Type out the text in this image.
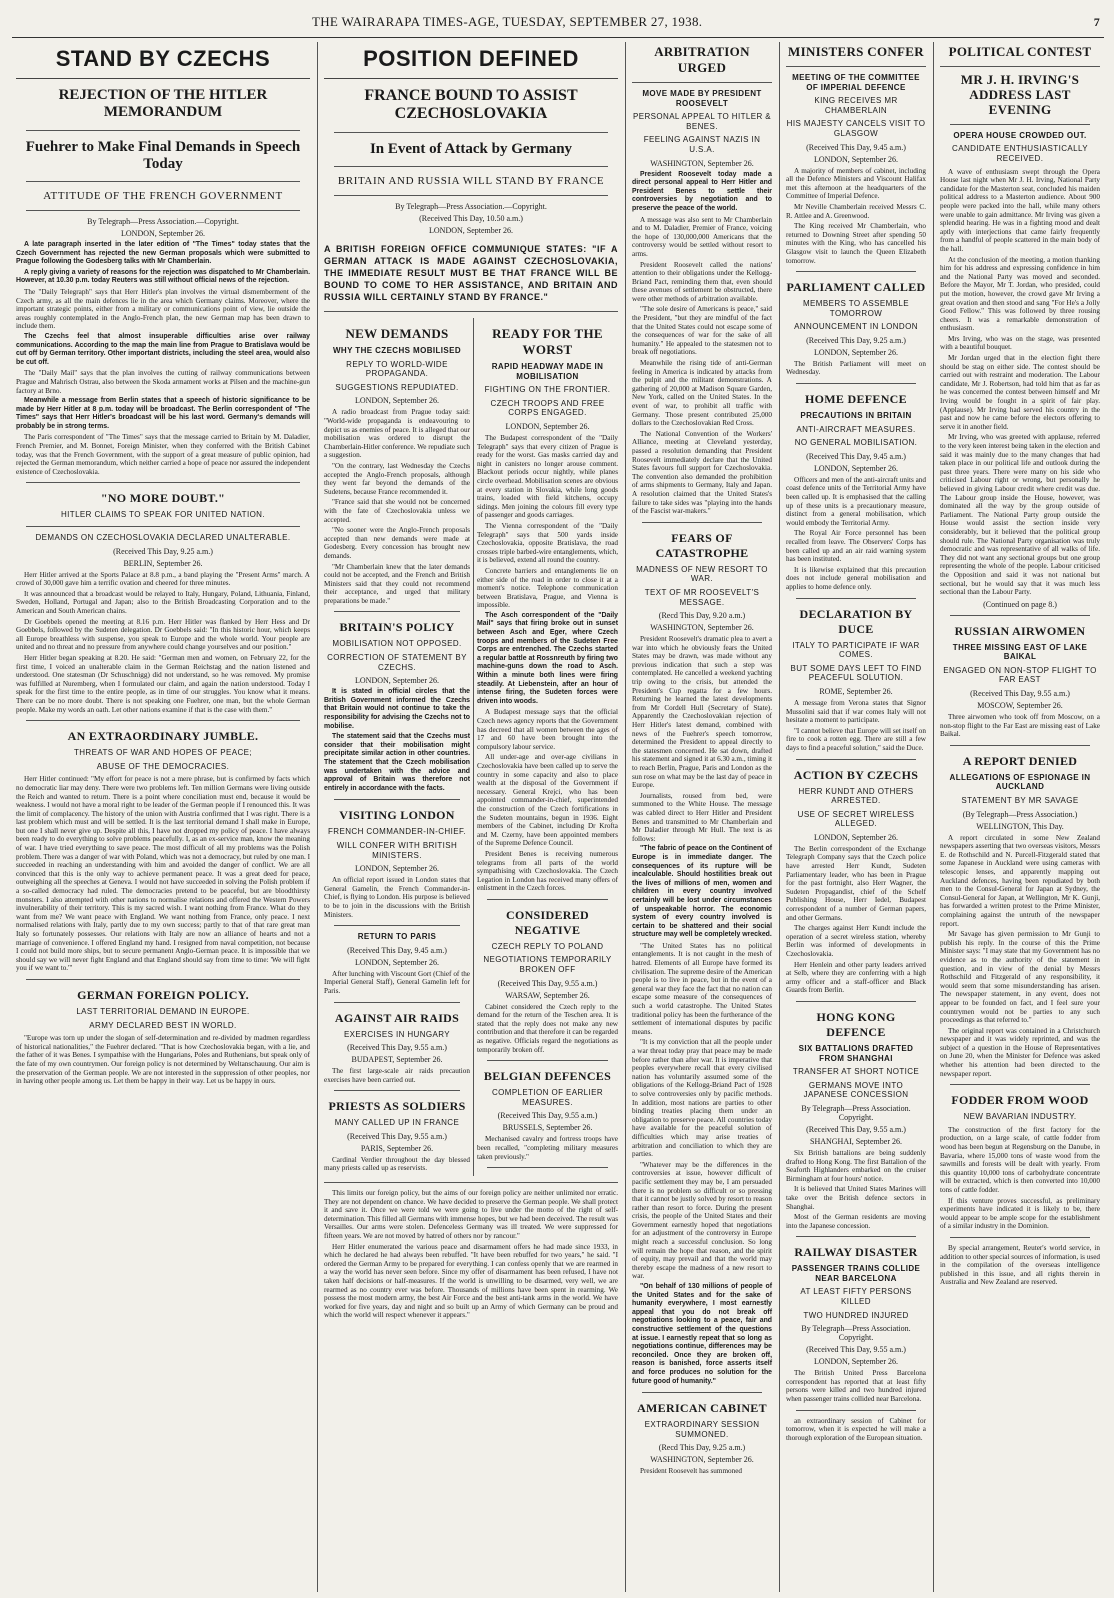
THE WAIRARAPA TIMES-AGE, TUESDAY, SEPTEMBER 27, 1938.	7
STAND BY CZECHS
REJECTION OF THE HITLER MEMORANDUM
Fuehrer to Make Final Demands in Speech Today
ATTITUDE OF THE FRENCH GOVERNMENT
By Telegraph—Press Association.—Copyright.
LONDON, September 26.

A late paragraph inserted in the later edition of "The Times" today states that the Czech Government has rejected the new German proposals which were submitted to Prague following the Godesberg talks with Mr Chamberlain.

A reply giving a variety of reasons for the rejection was dispatched to Mr Chamberlain. However, at 10.30 p.m. today Reuters was still without official news of the rejection.

The "Daily Telegraph" says that Herr Hitler's plan involves the virtual dismemberment of the Czech army, as all the main defences lie in the area which Germany claims. Moreover, where the important strategic points, either from a military or communications point of view, lie outside the areas roughly contemplated in the Anglo-French plan, the new German map has been drawn to include them.

The Czechs feel that almost insuperable difficulties arise over railway communications. According to the map the main line from Prague to Bratislava would be cut off by German territory. Other important districts, including the steel area, would also be cut off.

The "Daily Mail" says that the plan involves the cutting of railway communications between Prague and Mahrisch Ostrau, also between the Skoda armament works at Pilsen and the machine-gun factory at Brno.

Meanwhile a message from Berlin states that a speech of historic significance to be made by Herr Hitler at 8 p.m. today will be broadcast. The Berlin correspondent of "The Times" says that Herr Hitler's broadcast will be his last word. Germany's demands will probably be in strong terms.

The Paris correspondent of "The Times" says that the message carried to Britain by M. Daladier, French Premier, and M. Bonnet, Foreign Minister, when they conferred with the British Cabinet today, was that the French Government, with the support of a great measure of public opinion, had rejected the German memorandum, which neither carried a hope of peace nor assured the independent existence of Czechoslovakia.

"NO MORE DOUBT."
HITLER CLAIMS TO SPEAK FOR UNITED NATION.
DEMANDS ON CZECHOSLOVAKIA DECLARED UNALTERABLE.
(Received This Day, 9.25 a.m.)
BERLIN, September 26.

Herr Hitler arrived at the Sports Palace at 8.8 p.m., a band playing the "Present Arms" march. A crowd of 30,000 gave him a terrific ovation and cheered for three minutes.

It was announced that a broadcast would be relayed to Italy, Hungary, Poland, Lithuania, Finland, Sweden, Holland, Portugal and Japan; also to the British Broadcasting Corporation and to the American and South American chains.

Dr Goebbels opened the meeting at 8.16 p.m. Herr Hitler was flanked by Herr Hess and Dr Goebbels, followed by the Sudeten delegation. Dr Goebbels said: "In this historic hour, which keeps all Europe breathless with suspense, you speak to Europe and the whole world. Your people are united and no threat and no pressure from anywhere could change yourselves and our position."

Herr Hitler began speaking at 8.20. He said: "German men and women, on February 22, for the first time, I voiced an unalterable claim in the German Reichstag and the nation listened and understood. One statesman (Dr Schuschnigg) did not understand, so he was removed. My promise was fulfilled at Nuremberg, when I formulated our claim, and again the nation understood. Today I speak for the first time to the entire people, as in time of our struggles. You know what it means. There can be no more doubt. There is not speaking one Fuehrer, one man, but the whole German people. Make my words an oath. Let other nations examine if that is the case with them."

AN EXTRAORDINARY JUMBLE.
THREATS OF WAR AND HOPES OF PEACE;
ABUSE OF THE DEMOCRACIES.

Herr Hitler continued: "My effort for peace is not a mere phrase, but is confirmed by facts which no democratic liar may deny. There were two problems left. Ten million Germans were living outside the Reich and wanted to return. There is a point where conciliation must end, because it would be weakness. I would not have a moral right to be leader of the German people if I renounced this. It was the limit of complacency. The history of the union with Austria confirmed that I was right. There is a last problem which must and will be settled. It is the last territorial demand I shall make in Europe, but one I shall never give up. Despite all this, I have not dropped my policy of peace. I have always been ready to do everything to solve problems peacefully. I, as an ex-service man, know the meaning of war. I have tried everything to save peace. The most difficult of all my problems was the Polish problem. There was a danger of war with Poland, which was not a democracy, but ruled by one man. I succeeded in reaching an understanding with him and avoided the danger of conflict. We are all convinced that this is the only way to achieve permanent peace. It was a great deed for peace, outweighing all the speeches at Geneva. I would not have succeeded in solving the Polish problem if a so-called democracy had ruled. The democracies pretend to be peaceful, but are bloodthirsty monsters. I also attempted with other nations to normalise relations and offered the Western Powers invulnerability of their territory. This is my sacred wish. I want nothing from France. What do they want from me? We want peace with England. We want nothing from France, only peace. I next normalised relations with Italy, partly due to my own success; partly to that of that rare great man Italy so fortunately possesses. Our relations with Italy are now an alliance of hearts and not a marriage of convenience. I offered England my hand. I resigned from naval competition, not because I could not build more ships, but to secure permanent Anglo-German peace. It is impossible that we should say we will never fight England and that England should say from time to time: 'We will fight you if we want to.'"

GERMAN FOREIGN POLICY.
LAST TERRITORIAL DEMAND IN EUROPE.
ARMY DECLARED BEST IN WORLD.

"Europe was torn up under the slogan of self-determination and re-divided by madmen regardless of historical nationalities," the Fuehrer declared. "That is how Czechoslovakia began, with a lie, and the father of it was Benes. I sympathise with the Hungarians, Poles and Ruthenians, but speak only of the fate of my own countrymen. Our foreign policy is not determined by Weltanschauung. Our aim is the preservation of the German people. We are not interested in the suppression of other peoples, nor in having other people among us. Let them be happy in their way. Let us be happy in ours.

POSITION DEFINED
FRANCE BOUND TO ASSIST CZECHOSLOVAKIA
In Event of Attack by Germany
BRITAIN AND RUSSIA WILL STAND BY FRANCE
By Telegraph—Press Association.—Copyright.
(Received This Day, 10.50 a.m.)
LONDON, September 26.
A BRITISH FOREIGN OFFICE COMMUNIQUE STATES: "IF A GERMAN ATTACK IS MADE AGAINST CZECHOSLOVAKIA, THE IMMEDIATE RESULT MUST BE THAT FRANCE WILL BE BOUND TO COME TO HER ASSISTANCE, AND BRITAIN AND RUSSIA WILL CERTAINLY STAND BY FRANCE."
NEW DEMANDS
WHY THE CZECHS MOBILISED
REPLY TO WORLD-WIDE PROPAGANDA.
SUGGESTIONS REPUDIATED.
LONDON, September 26.

A radio broadcast from Prague today said: "World-wide propaganda is endeavouring to depict us as enemies of peace. It is alleged that our mobilisation was ordered to disrupt the Chamberlain-Hitler conference. We repudiate such a suggestion.

"On the contrary, last Wednesday the Czechs accepted the Anglo-French proposals, although they went far beyond the demands of the Sudetens, because France recommended it.

"France said that she would not be concerned with the fate of Czechoslovakia unless we accepted.

"No sooner were the Anglo-French proposals accepted than new demands were made at Godesberg. Every concession has brought new demands.

"Mr Chamberlain knew that the later demands could not be accepted, and the French and British Ministers said that they could not recommend their acceptance, and urged that military preparations be made."

BRITAIN'S POLICY
MOBILISATION NOT OPPOSED.
CORRECTION OF STATEMENT BY CZECHS.
LONDON, September 26.

It is stated in official circles that the British Government informed the Czechs that Britain would not continue to take the responsibility for advising the Czechs not to mobilise.

The statement said that the Czechs must consider that their mobilisation might precipitate similar action in other countries. The statement that the Czech mobilisation was undertaken with the advice and approval of Britain was therefore not entirely in accordance with the facts.

VISITING LONDON
FRENCH COMMANDER-IN-CHIEF.
WILL CONFER WITH BRITISH MINISTERS.
LONDON, September 26.

An official report issued in London states that General Gamelin, the French Commander-in-Chief, is flying to London. His purpose is believed to be to join in the discussions with the British Ministers.

RETURN TO PARIS
(Received This Day, 9.45 a.m.)
LONDON, September 26.

After lunching with Viscount Gort (Chief of the Imperial General Staff), General Gamelin left for Paris.

AGAINST AIR RAIDS
EXERCISES IN HUNGARY
(Received This Day, 9.55 a.m.)
BUDAPEST, September 26.

The first large-scale air raids precaution exercises have been carried out.

PRIESTS AS SOLDIERS
MANY CALLED UP IN FRANCE
(Received This Day, 9.55 a.m.)
PARIS, September 26.

Cardinal Verdier throughout the day blessed many priests called up as reservists.

READY FOR THE WORST
RAPID HEADWAY MADE IN MOBILISATION
FIGHTING ON THE FRONTIER.
CZECH TROOPS AND FREE CORPS ENGAGED.
LONDON, September 26.

The Budapest correspondent of the "Daily Telegraph" says that every citizen of Prague is ready for the worst. Gas masks carried day and night in canisters no longer arouse comment. Blackout periods occur nightly, while planes circle overhead. Mobilisation scenes are obvious at every station in Slovakia, while long goods trains, loaded with field kitchens, occupy sidings. Men joining the colours fill every type of passenger and goods carriages.

The Vienna correspondent of the "Daily Telegraph" says that 500 yards inside Czechoslovakia, opposite Bratislava, the road crosses triple barbed-wire entanglements, which, it is believed, extend all round the country.

Concrete barriers and entanglements lie on either side of the road in order to close it at a moment's notice. Telephone communication between Bratislava, Prague, and Vienna is impossible.

The Asch correspondent of the "Daily Mail" says that firing broke out in sunset between Asch and Eger, where Czech troops and members of the Sudeten Free Corps are entrenched. The Czechs started a regular battle at Rossnreuth by firing two machine-guns down the road to Asch. Within a minute both lines were firing steadily. At Liebenstein, after an hour of intense firing, the Sudeten forces were driven into woods.

A Budapest message says that the official Czech news agency reports that the Government has decreed that all women between the ages of 17 and 60 have been brought into the compulsory labour service.

All under-age and over-age civilians in Czechoslovakia have been called up to serve the country in some capacity and also to place wealth at the disposal of the Government if necessary. General Krejci, who has been appointed commander-in-chief, superintended the construction of the Czech fortifications in the Sudeten mountains, begun in 1936. Eight members of the Cabinet, including Dr Krofta and M. Czerny, have been appointed members of the Supreme Defence Council.

President Benes is receiving numerous telegrams from all parts of the world sympathising with Czechoslovakia. The Czech Legation in London has received many offers of enlistment in the Czech forces.

CONSIDERED NEGATIVE
CZECH REPLY TO POLAND
NEGOTIATIONS TEMPORARILY BROKEN OFF
(Received This Day, 9.55 a.m.)
WARSAW, September 26.

Cabinet considered the Czech reply to the demand for the return of the Teschen area. It is stated that the reply does not make any new contribution and that therefore it can be regarded as negative. Officials regard the negotiations as temporarily broken off.

BELGIAN DEFENCES
COMPLETION OF EARLIER MEASURES.
(Received This Day, 9.55 a.m.)
BRUSSELS, September 26.

Mechanised cavalry and fortress troops have been recalled, "completing military measures taken previously."

This limits our foreign policy, but the aims of our foreign policy are neither unlimited nor erratic. They are not dependent on chance. We have decided to preserve the German people. We shall protect it and save it. Once we were told we were going to live under the motto of the right of self-determination. This filled all Germans with immense hopes, but we had been deceived. The result was Versailles. Our arms were stolen. Defenceless Germany was ill treated. We were suppressed for fifteen years. We are not moved by hatred of others nor by rancour."

Herr Hitler enumerated the various peace and disarmament offers he had made since 1933, in which he declared he had always been rebuffed. "It have been rebuffed for two years," he said. "I ordered the German Army to be prepared for everything. I can confess openly that we are rearmed in a way the world has never seen before. Since my offer of disarmament has been refused, I have not taken half decisions or half-measures. If the world is unwilling to be disarmed, very well, we are rearmed as no country ever was before. Thousands of millions have been spent in rearming. We possess the most modern army, the best Air Force and the best anti-tank arms in the world. We have worked for five years, day and night and so built up an Army of which Germany can be proud and which the world will respect whenever it appears."

ARBITRATION URGED
MOVE MADE BY PRESIDENT ROOSEVELT
PERSONAL APPEAL TO HITLER & BENES.
FEELING AGAINST NAZIS IN U.S.A.
WASHINGTON, September 26.

President Roosevelt today made a direct personal appeal to Herr Hitler and President Benes to settle their controversies by negotiation and to preserve the peace of the world.

A message was also sent to Mr Chamberlain and to M. Daladier, Premier of France, voicing the hope of 130,000,000 Americans that the controversy would be settled without resort to arms.

President Roosevelt called the nations' attention to their obligations under the Kellogg-Briand Pact, reminding them that, even should these avenues of settlement be obstructed, there were other methods of arbitration available.

"The sole desire of Americans is peace," said the President, "but they are mindful of the fact that the United States could not escape some of the consequences of war for the sake of all humanity." He appealed to the statesmen not to break off negotiations.

Meanwhile the rising tide of anti-German feeling in America is indicated by attacks from the pulpit and the militant demonstrations. A gathering of 20,000 at Madison Square Garden, New York, called on the United States. In the event of war, to prohibit all traffic with Germany. Those present contributed 25,000 dollars to the Czechoslovakian Red Cross.

The National Convention of the Workers' Alliance, meeting at Cleveland yesterday, passed a resolution demanding that President Roosevelt immediately declare that the United States favours full support for Czechoslovakia. The convention also demanded the prohibition of arms shipments to Germany, Italy and Japan. A resolution claimed that the United States's failure to take sides was "playing into the hands of the Fascist war-makers."

FEARS OF CATASTROPHE
MADNESS OF NEW RESORT TO WAR.
TEXT OF MR ROOSEVELT'S MESSAGE.
(Recd This Day, 9.20 a.m.)
WASHINGTON, September 26.

President Roosevelt's dramatic plea to avert a war into which he obviously fears the United States may be drawn, was made without any previous indication that such a step was contemplated. He cancelled a weekend yachting trip owing to the crisis, but attended the President's Cup regatta for a few hours. Returning he learned the latest developments from Mr Cordell Hull (Secretary of State). Apparently the Czechoslovakian rejection of Herr Hitler's latest demand, combined with news of the Fuehrer's speech tomorrow, determined the President to appeal directly to the statesmen concerned. He sat down, drafted his statement and signed it at 6.30 a.m., timing it to reach Berlin, Prague, Paris and London as the sun rose on what may be the last day of peace in Europe.

Journalists, roused from bed, were summoned to the White House. The message was cabled direct to Herr Hitler and President Benes and transmitted to Mr Chamberlain and Mr Daladier through Mr Hull. The text is as follows:

"The fabric of peace on the Continent of Europe is in immediate danger. The consequences of its rupture will be incalculable. Should hostilities break out the lives of millions of men, women and children in every country involved certainly will be lost under circumstances of unspeakable horror. The economic system of every country involved is certain to be shattered and their social structure may well be completely wrecked.

"The United States has no political entanglements. It is not caught in the mesh of hatred. Elements of all Europe have formed its civilisation. The supreme desire of the American people is to live in peace, but in the event of a general war they face the fact that no nation can escape some measure of the consequences of such a world catastrophe. The United States traditional policy has been the furtherance of the settlement of international disputes by pacific means.

"It is my conviction that all the people under a war threat today pray that peace may be made before rather than after war. It is imperative that peoples everywhere recall that every civilised nation has voluntarily assumed some of the obligations of the Kellogg-Briand Pact of 1928 to solve controversies only by pacific methods. In addition, most nations are parties to other binding treaties placing them under an obligation to preserve peace. All countries today have available for the peaceful solution of difficulties which may arise treaties of arbitration and conciliation to which they are parties.

"Whatever may be the differences in the controversies at issue, however difficult of pacific settlement they may be, I am persuaded there is no problem so difficult or so pressing that it cannot be justly solved by resort to reason rather than resort to force. During the present crisis, the people of the United States and their Government earnestly hoped that negotiations for an adjustment of the controversy in Europe might reach a successful conclusion. So long will remain the hope that reason, and the spirit of equity, may prevail and that the world may thereby escape the madness of a new resort to war.

"On behalf of 130 millions of people of the United States and for the sake of humanity everywhere, I most earnestly appeal that you do not break off negotiations looking to a peace, fair and constructive settlement of the questions at issue. I earnestly repeat that so long as negotiations continue, differences may be reconciled. Once they are broken off, reason is banished, force asserts itself and force produces no solution for the future good of humanity."

AMERICAN CABINET
EXTRAORDINARY SESSION SUMMONED.
(Recd This Day, 9.25 a.m.)
WASHINGTON, September 26.

President Roosevelt has summoned

MINISTERS CONFER
MEETING OF THE COMMITTEE OF IMPERIAL DEFENCE
KING RECEIVES MR CHAMBERLAIN
HIS MAJESTY CANCELS VISIT TO GLASGOW
(Received This Day, 9.45 a.m.)
LONDON, September 26.

A majority of members of cabinet, including all the Defence Ministers and Viscount Halifax met this afternoon at the headquarters of the Committee of Imperial Defence.

Mr Neville Chamberlain received Messrs C. R. Attlee and A. Greenwood.

The King received Mr Chamberlain, who returned to Downing Street after spending 50 minutes with the King, who has cancelled his Glasgow visit to launch the Queen Elizabeth tomorrow.

PARLIAMENT CALLED
MEMBERS TO ASSEMBLE TOMORROW
ANNOUNCEMENT IN LONDON
(Received This Day, 9.25 a.m.)
LONDON, September 26.

The British Parliament will meet on Wednesday.

HOME DEFENCE
PRECAUTIONS IN BRITAIN
ANTI-AIRCRAFT MEASURES.
NO GENERAL MOBILISATION.
(Received This Day, 9.45 a.m.)
LONDON, September 26.

Officers and men of the anti-aircraft units and coast defence units of the Territorial Army have been called up. It is emphasised that the calling up of these units is a precautionary measure, distinct from a general mobilisation, which would embody the Territorial Army.

The Royal Air Force personnel has been recalled from leave. The Observers' Corps has been called up and an air raid warning system has been instituted.

It is likewise explained that this precaution does not include general mobilisation and applies to home defence only.

DECLARATION BY DUCE
ITALY TO PARTICIPATE IF WAR COMES.
BUT SOME DAYS LEFT TO FIND PEACEFUL SOLUTION.
ROME, September 26.

A message from Verona states that Signor Mussolini said that if war comes Italy will not hesitate a moment to participate.

"I cannot believe that Europe will set itself on fire to cook a rotten egg. There are still a few days to find a peaceful solution," said the Duce.

ACTION BY CZECHS
HERR KUNDT AND OTHERS ARRESTED.
USE OF SECRET WIRELESS ALLEGED.
LONDON, September 26.

The Berlin correspondent of the Exchange Telegraph Company says that the Czech police have arrested Herr Kundt, Sudeten Parliamentary leader, who has been in Prague for the past fortnight, also Herr Wagner, the Sudeten Propagandist, chief of the Schelf Publishing House, Herr Iedel, Budapest correspondent of a number of German papers, and other Germans.

The charges against Herr Kundt include the operation of a secret wireless station, whereby Berlin was informed of developments in Czechoslovakia.

Herr Henlein and other party leaders arrived at Selb, where they are conferring with a high army officer and a staff-officer and Black Guards from Berlin.

HONG KONG DEFENCE
SIX BATTALIONS DRAFTED FROM SHANGHAI
TRANSFER AT SHORT NOTICE
GERMANS MOVE INTO JAPANESE CONCESSION
By Telegraph—Press Association. Copyright.
(Received This Day, 9.55 a.m.)
SHANGHAI, September 26.

Six British battalions are being suddenly drafted to Hong Kong. The first Battalion of the Seaforth Highlanders embarked on the cruiser Birmingham at four hours' notice.

It is believed that United States Marines will take over the British defence sectors in Shanghai.

Most of the German residents are moving into the Japanese concession.

RAILWAY DISASTER
PASSENGER TRAINS COLLIDE NEAR BARCELONA
AT LEAST FIFTY PERSONS KILLED
TWO HUNDRED INJURED
By Telegraph—Press Association. Copyright.
(Received This Day, 9.55 a.m.)
LONDON, September 26.

The British United Press Barcelona correspondent has reported that at least fifty persons were killed and two hundred injured when passenger trains collided near Barcelona.

an extraordinary session of Cabinet for tomorrow, when it is expected he will make a thorough exploration of the European situation.

POLITICAL CONTEST
MR J. H. IRVING'S ADDRESS LAST EVENING
OPERA HOUSE CROWDED OUT.
CANDIDATE ENTHUSIASTICALLY RECEIVED.

A wave of enthusiasm swept through the Opera House last night when Mr J. H. Irving, National Party candidate for the Masterton seat, concluded his maiden political address to a Masterton audience. About 900 people were packed into the hall, while many others were unable to gain admittance. Mr Irving was given a splendid hearing. He was in a fighting mood and dealt aptly with interjections that came fairly frequently from a handful of people scattered in the main body of the hall.

At the conclusion of the meeting, a motion thanking him for his address and expressing confidence in him and the National Party was moved and seconded. Before the Mayor, Mr T. Jordan, who presided, could put the motion, however, the crowd gave Mr Irving a great ovation and then stood and sang "For He's a Jolly Good Fellow." This was followed by three rousing cheers. It was a remarkable demonstration of enthusiasm.

Mrs Irving, who was on the stage, was presented with a beautiful bouquet.

Mr Jordan urged that in the election fight there should be stag on either side. The contest should be carried out with restraint and moderation. The Labour candidate, Mr J. Robertson, had told him that as far as he was concerned the contest between himself and Mr Irving would be fought in a spirit of fair play. (Applause). Mr Irving had served his country in the past and now he came before the electors offering to serve it in another field.

Mr Irving, who was greeted with applause, referred to the very keen interest being taken in the election and said it was mainly due to the many changes that had taken place in our political life and outlook during the past three years. There were many on his side who criticised Labour right or wrong, but personally he believed in giving Labour credit where credit was due. The Labour group inside the House, however, was dominated all the way by the group outside of Parliament. The National Party group outside the House would assist the section inside very considerably, but it believed that the political group should rule. The National Party organisation was truly democratic and was representative of all walks of life. They did not want any sectional groups but one group representing the whole of the people. Labour criticised the Opposition and said it was not national but sectional, but he would say that it was much less sectional than the Labour Party.

(Continued on page 8.)
RUSSIAN AIRWOMEN
THREE MISSING EAST OF LAKE BAIKAL
ENGAGED ON NON-STOP FLIGHT TO FAR EAST
(Received This Day, 9.55 a.m.)
MOSCOW, September 26.

Three airwomen who took off from Moscow, on a non-stop flight to the Far East are missing east of Lake Baikal.

A REPORT DENIED
ALLEGATIONS OF ESPIONAGE IN AUCKLAND
STATEMENT BY MR SAVAGE
(By Telegraph—Press Association.)
WELLINGTON, This Day.

A report circulated in some New Zealand newspapers asserting that two overseas visitors, Messrs E. de Rothschild and N. Purcell-Fitzgerald stated that some Japanese in Auckland were using cameras with telescopic lenses, and apparently mapping out Auckland defences, having been repudiated by both men to the Consul-General for Japan at Sydney, the Consul-General for Japan, at Wellington, Mr K. Gunji, has forwarded a written protest to the Prime Minister, complaining against the untruth of the newspaper report.

Mr Savage has given permission to Mr Gunji to publish his reply. In the course of this the Prime Minister says: "I may state that my Government has no evidence as to the authority of the statement in question, and in view of the denial by Messrs Rothschild and Fitzgerald of any responsibility, it would seem that some misunderstanding has arisen. The newspaper statement, in any event, does not appear to be founded on fact, and I feel sure your countrymen would not be parties to any such proceedings as that referred to."

The original report was contained in a Christchurch newspaper and it was widely reprinted, and was the subject of a question in the House of Representatives on June 20, when the Minister for Defence was asked whether his attention had been directed to the newspaper report.

FODDER FROM WOOD
NEW BAVARIAN INDUSTRY.

The construction of the first factory for the production, on a large scale, of cattle fodder from wood has been begun at Regensburg on the Danube, in Bavaria, where 15,000 tons of waste wood from the sawmills and forests will be dealt with yearly. From this quantity 10,000 tons of carbohydrate concentrate will be extracted, which is then converted into 10,000 tons of cattle fodder.

If this venture proves successful, as preliminary experiments have indicated it is likely to be, there would appear to be ample scope for the establishment of a similar industry in the Dominion.

By special arrangement, Reuter's world service, in addition to other special sources of information, is used in the compilation of the overseas intelligence published in this issue, and all rights therein in Australia and New Zealand are reserved.
